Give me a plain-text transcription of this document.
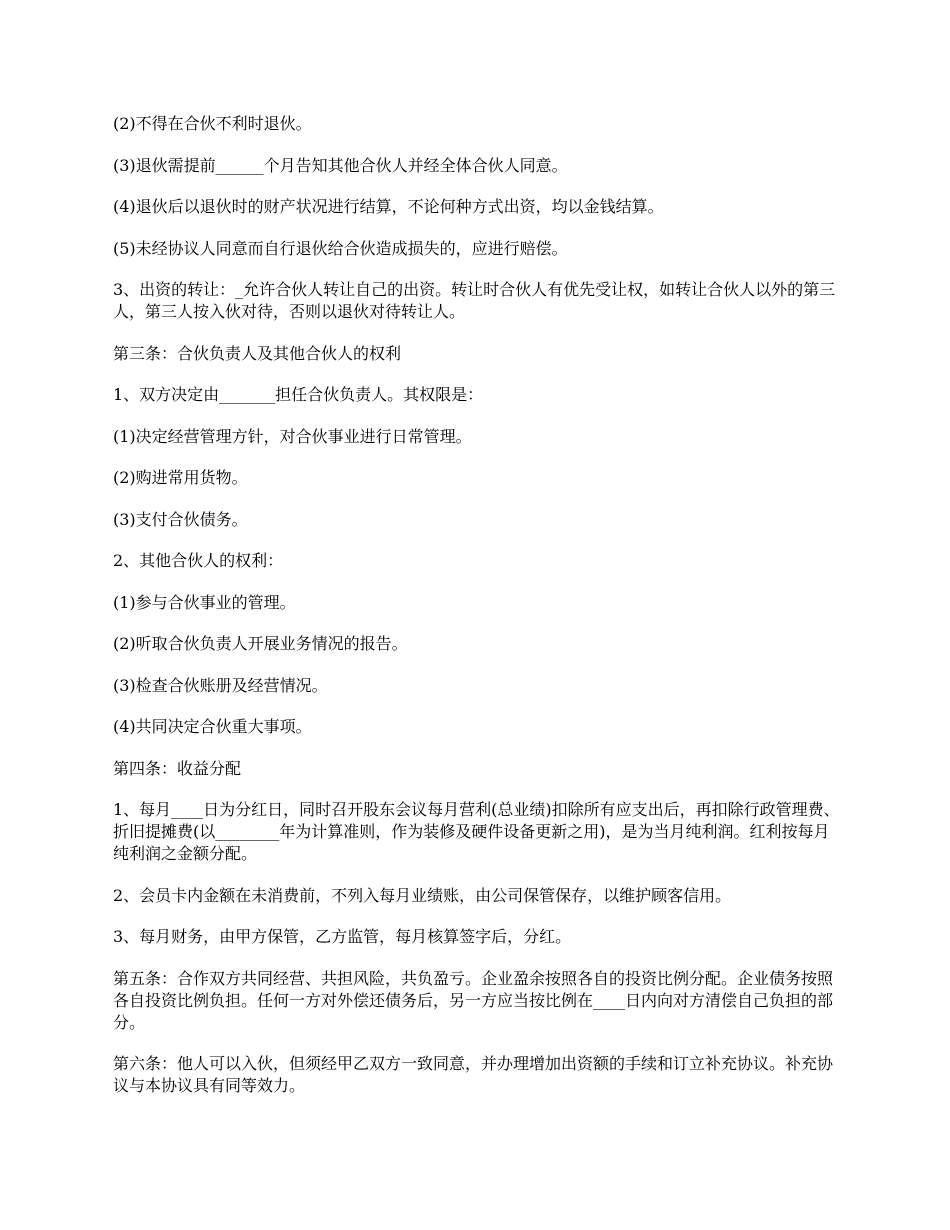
(2)不得在合伙不利时退伙。

(3)退伙需提前______个月告知其他合伙人并经全体合伙人同意。

(4)退伙后以退伙时的财产状况进行结算，不论何种方式出资，均以金钱结算。

(5)未经协议人同意而自行退伙给合伙造成损失的，应进行赔偿。

3、出资的转让：_允许合伙人转让自己的出资。转让时合伙人有优先受让权，如转让合伙人以外的第三人，第三人按入伙对待，否则以退伙对待转让人。

第三条：合伙负责人及其他合伙人的权利

1、双方决定由_______担任合伙负责人。其权限是：

(1)决定经营管理方针，对合伙事业进行日常管理。

(2)购进常用货物。

(3)支付合伙债务。

2、其他合伙人的权利：

(1)参与合伙事业的管理。

(2)听取合伙负责人开展业务情况的报告。

(3)检查合伙账册及经营情况。

(4)共同决定合伙重大事项。

第四条：收益分配

1、每月____日为分红日，同时召开股东会议每月营利(总业绩)扣除所有应支出后，再扣除行政管理费、折旧提摊费(以________年为计算准则，作为装修及硬件设备更新之用)，是为当月纯利润。红利按每月纯利润之金额分配。

2、会员卡内金额在未消费前，不列入每月业绩账，由公司保管保存，以维护顾客信用。

3、每月财务，由甲方保管，乙方监管，每月核算签字后，分红。

第五条：合作双方共同经营、共担风险，共负盈亏。企业盈余按照各自的投资比例分配。企业债务按照各自投资比例负担。任何一方对外偿还债务后，另一方应当按比例在____日内向对方清偿自己负担的部分。

第六条：他人可以入伙，但须经甲乙双方一致同意，并办理增加出资额的手续和订立补充协议。补充协议与本协议具有同等效力。
